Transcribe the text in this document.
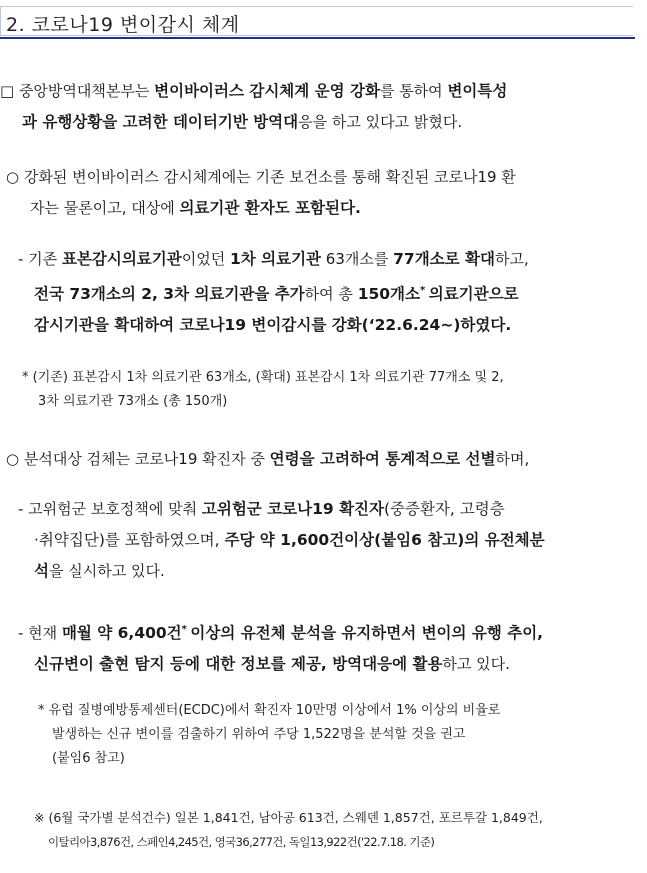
2. 코로나19 변이감시 체계
□ 중앙방역대책본부는 변이바이러스 감시체계 운영 강화를 통하여 변이특성
과 유행상황을 고려한 데이터기반 방역대응을 하고 있다고 밝혔다.
○ 강화된 변이바이러스 감시체계에는 기존 보건소를 통해 확진된 코로나19 환
자는 물론이고, 대상에 의료기관 환자도 포함된다.
- 기존 표본감시의료기관이었던 1차 의료기관 63개소를 77개소로 확대하고,
전국 73개소의 2, 3차 의료기관을 추가하여 총 150개소* 의료기관으로
감시기관을 확대하여 코로나19 변이감시를 강화(‘22.6.24~)하였다.
* (기존) 표본감시 1차 의료기관 63개소, (확대) 표본감시 1차 의료기관 77개소 및 2,
3차 의료기관 73개소 (총 150개)
○ 분석대상 검체는 코로나19 확진자 중 연령을 고려하여 통계적으로 선별하며,
- 고위험군 보호정책에 맞춰 고위험군 코로나19 확진자(중증환자, 고령층
·취약집단)를 포함하였으며, 주당 약 1,600건이상(붙임6 참고)의 유전체분
석을 실시하고 있다.
- 현재 매월 약 6,400건* 이상의 유전체 분석을 유지하면서 변이의 유행 추이,
신규변이 출현 탐지 등에 대한 정보를 제공, 방역대응에 활용하고 있다.
* 유럽 질병예방통제센터(ECDC)에서 확진자 10만명 이상에서 1% 이상의 비율로
발생하는 신규 변이를 검출하기 위하여 주당 1,522명을 분석할 것을 권고
(붙임6 참고)
※ (6월 국가별 분석건수) 일본 1,841건, 남아공 613건, 스웨덴 1,857건, 포르투갈 1,849건,
이탈리아3,876건, 스페인4,245건, 영국36,277건, 독일13,922건('22.7.18. 기준)
